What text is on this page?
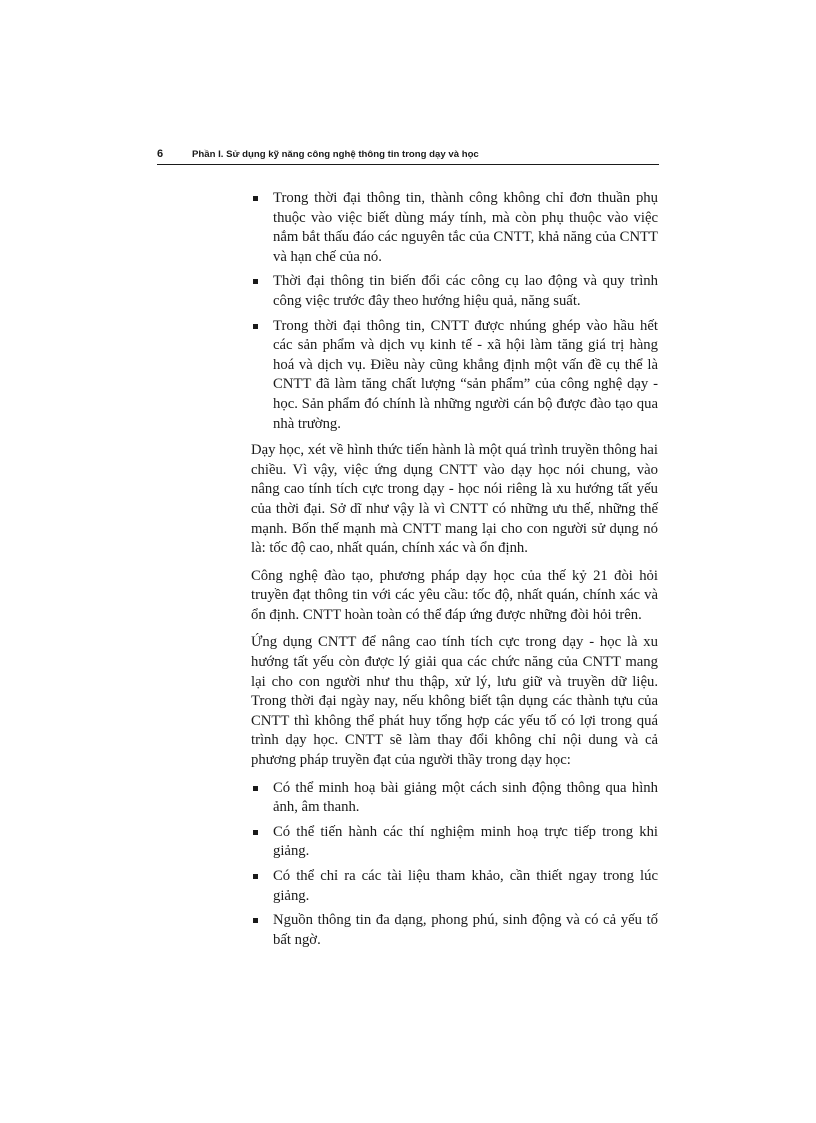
6	Phần I. Sử dụng kỹ năng công nghệ thông tin trong dạy và học
Trong thời đại thông tin, thành công không chỉ đơn thuần phụ thuộc vào việc biết dùng máy tính, mà còn phụ thuộc vào việc nắm bắt thấu đáo các nguyên tắc của CNTT, khả năng của CNTT và hạn chế của nó.
Thời đại thông tin biến đổi các công cụ lao động và quy trình công việc trước đây theo hướng hiệu quả, năng suất.
Trong thời đại thông tin, CNTT được nhúng ghép vào hầu hết các sản phẩm và dịch vụ kinh tế - xã hội làm tăng giá trị hàng hoá và dịch vụ. Điều này cũng khẳng định một vấn đề cụ thể là CNTT đã làm tăng chất lượng “sản phẩm” của công nghệ dạy - học. Sản phẩm đó chính là những người cán bộ được đào tạo qua nhà trường.

Dạy học, xét về hình thức tiến hành là một quá trình truyền thông hai chiều. Vì vậy, việc ứng dụng CNTT vào dạy học nói chung, vào nâng cao tính tích cực trong dạy - học nói riêng là xu hướng tất yếu của thời đại. Sở dĩ như vậy là vì CNTT có những ưu thế, những thế mạnh. Bốn thế mạnh mà CNTT mang lại cho con người sử dụng nó là: tốc độ cao, nhất quán, chính xác và ổn định.

Công nghệ đào tạo, phương pháp dạy học của thế kỷ 21 đòi hỏi truyền đạt thông tin với các yêu cầu: tốc độ, nhất quán, chính xác và ổn định. CNTT hoàn toàn có thể đáp ứng được những đòi hỏi trên.

Ứng dụng CNTT để nâng cao tính tích cực trong dạy - học là xu hướng tất yếu còn được lý giải qua các chức năng của CNTT mang lại cho con người như thu thập, xử lý, lưu giữ và truyền dữ liệu. Trong thời đại ngày nay, nếu không biết tận dụng các thành tựu của CNTT thì không thể phát huy tổng hợp các yếu tố có lợi trong quá trình dạy học. CNTT sẽ làm thay đổi không chỉ nội dung và cả phương pháp truyền đạt của người thầy trong dạy học:

Có thể minh hoạ bài giảng một cách sinh động thông qua hình ảnh, âm thanh.
Có thể tiến hành các thí nghiệm minh hoạ trực tiếp trong khi giảng.
Có thể chỉ ra các tài liệu tham khảo, cần thiết ngay trong lúc giảng.
Nguồn thông tin đa dạng, phong phú, sinh động và có cả yếu tố bất ngờ.
